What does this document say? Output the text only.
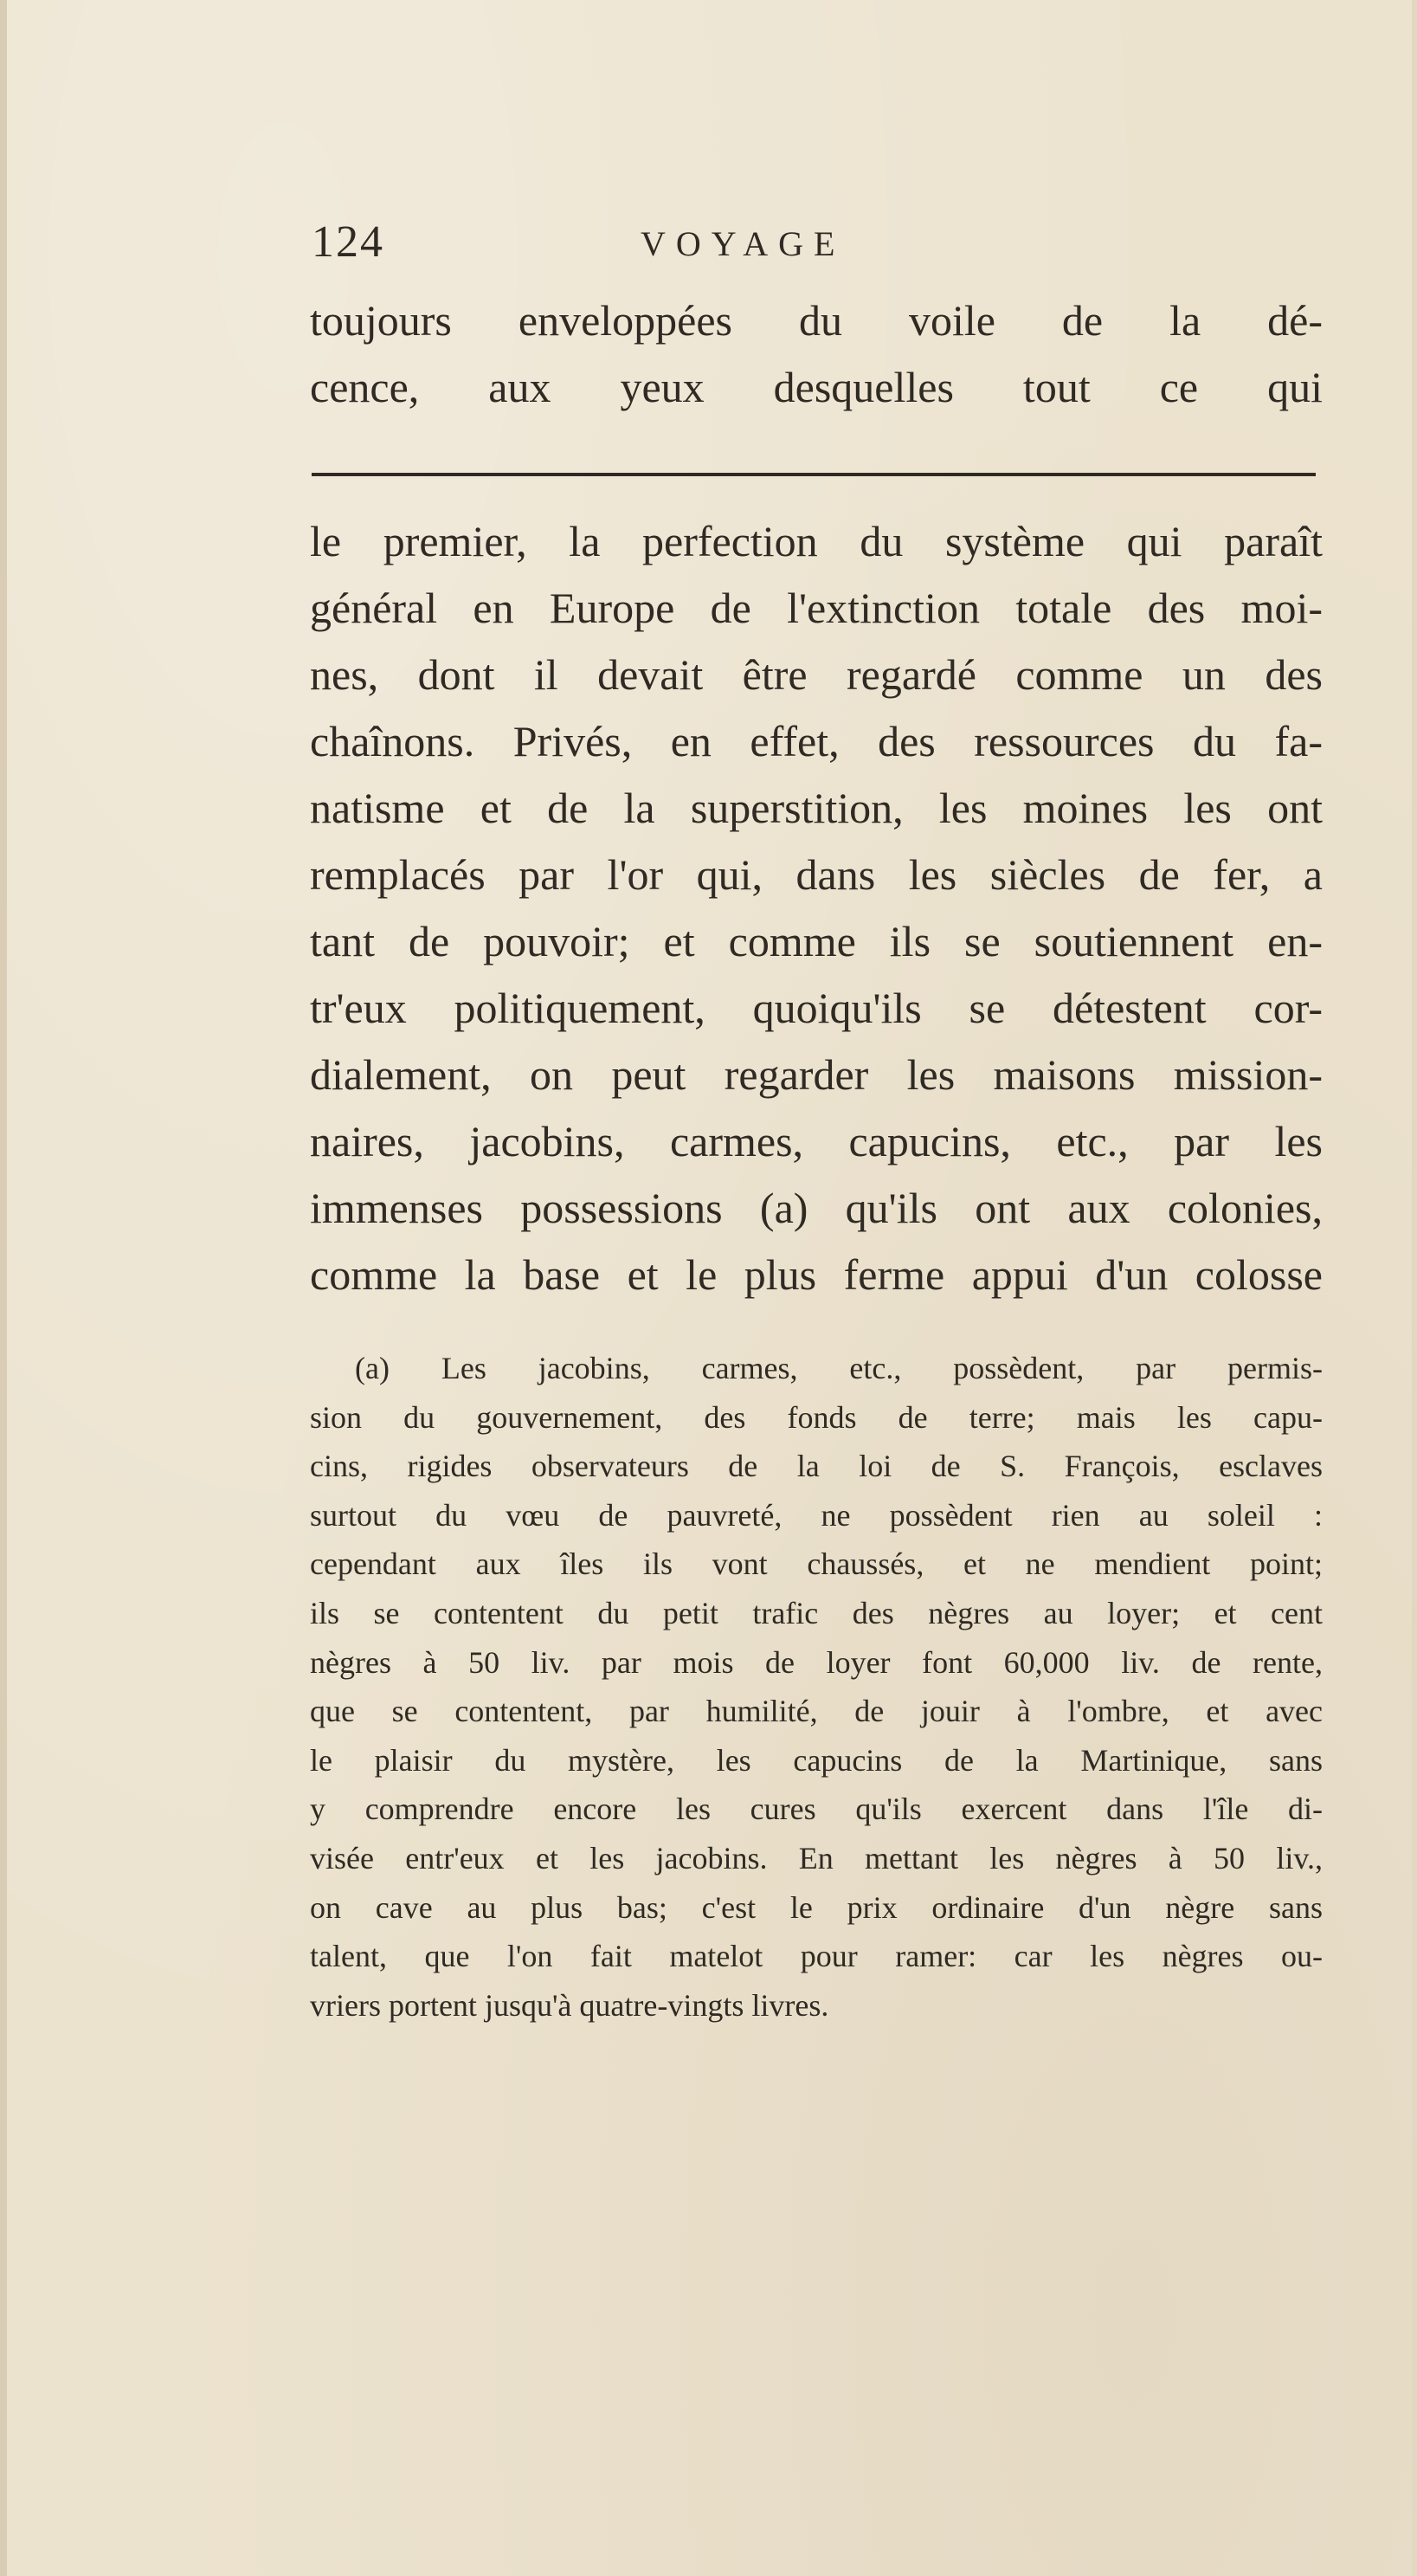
124	VOYAGE
toujours enveloppées du voile de la dé-
cence, aux yeux desquelles tout ce qui
le premier, la perfection du système qui paraît
général en Europe de l'extinction totale des moi-
nes, dont il devait être regardé comme un des
chaînons. Privés, en effet, des ressources du fa-
natisme et de la superstition, les moines les ont
remplacés par l'or qui, dans les siècles de fer, a
tant de pouvoir; et comme ils se soutiennent en-
tr'eux politiquement, quoiqu'ils se détestent cor-
dialement, on peut regarder les maisons mission-
naires, jacobins, carmes, capucins, etc., par les
immenses possessions (a) qu'ils ont aux colonies,
comme la base et le plus ferme appui d'un colosse
(a) Les jacobins, carmes, etc., possèdent, par permis-
sion du gouvernement, des fonds de terre; mais les capu-
cins, rigides observateurs de la loi de S. François, esclaves
surtout du vœu de pauvreté, ne possèdent rien au soleil :
cependant aux îles ils vont chaussés, et ne mendient point;
ils se contentent du petit trafic des nègres au loyer; et cent
nègres à 50 liv. par mois de loyer font 60,000 liv. de rente,
que se contentent, par humilité, de jouir à l'ombre, et avec
le plaisir du mystère, les capucins de la Martinique, sans
y comprendre encore les cures qu'ils exercent dans l'île di-
visée entr'eux et les jacobins. En mettant les nègres à 50 liv.,
on cave au plus bas; c'est le prix ordinaire d'un nègre sans
talent, que l'on fait matelot pour ramer: car les nègres ou-
vriers portent jusqu'à quatre-vingts livres.
